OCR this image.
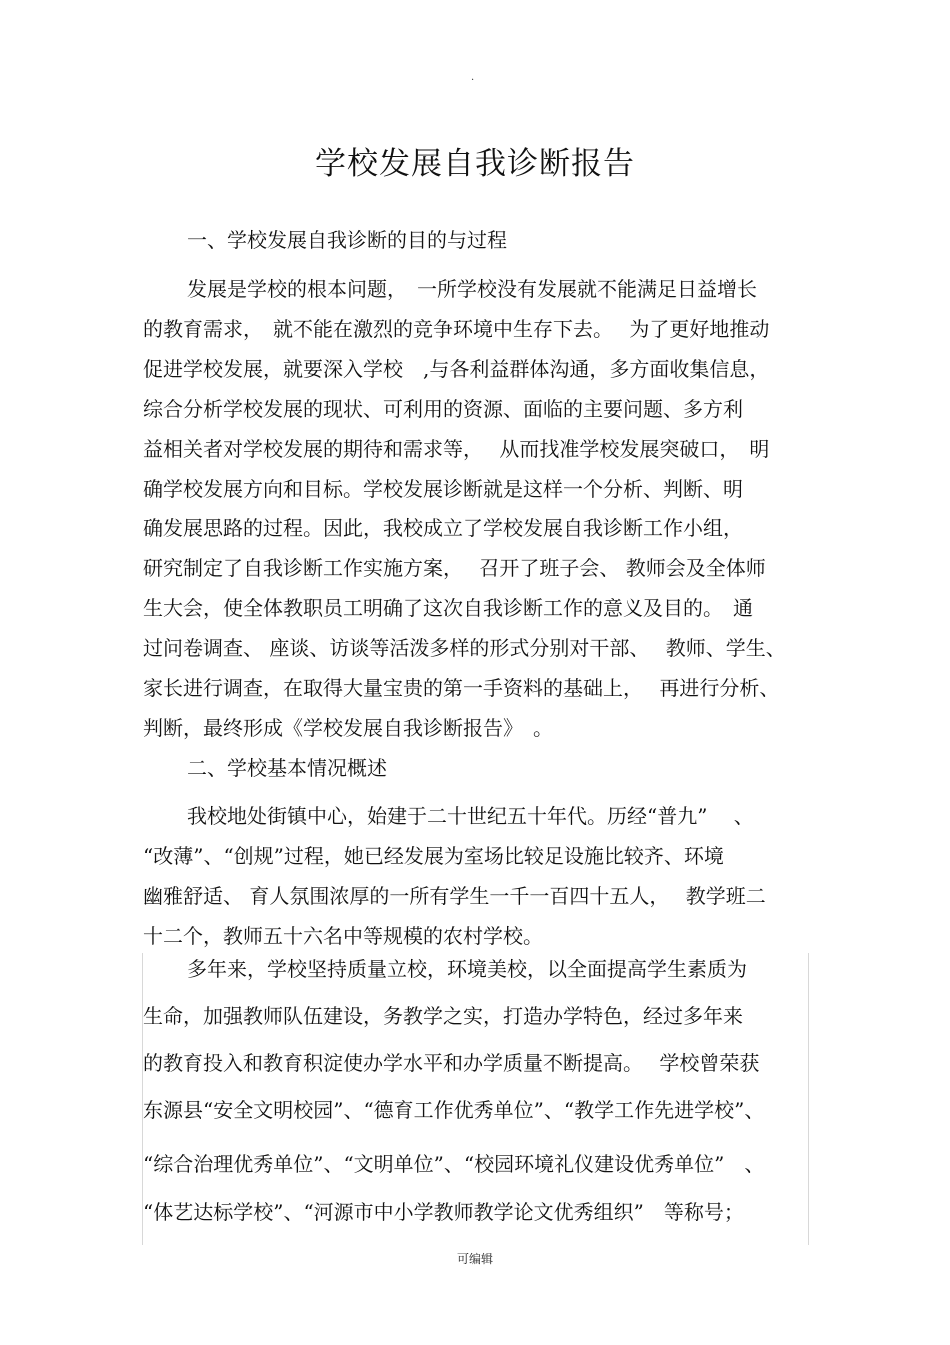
.
学校发展自我诊断报告
一、学校发展自我诊断的目的与过程
发展是学校的根本问题，　一所学校没有发展就不能满足日益增长
的教育需求，　就不能在激烈的竞争环境中生存下去。　 为了更好地推动
促进学校发展，就要深入学校　,与各利益群体沟通，多方面收集信息，
综合分析学校发展的现状、可利用的资源、面临的主要问题、多方利
益相关者对学校发展的期待和需求等，　 从而找准学校发展突破口，　明
确学校发展方向和目标。学校发展诊断就是这样一个分析、判断、明
确发展思路的过程。因此，我校成立了学校发展自我诊断工作小组，
研究制定了自我诊断工作实施方案，　 召开了班子会、 教师会及全体师
生大会，使全体教职员工明确了这次自我诊断工作的意义及目的。　通
过问卷调查、 座谈、访谈等活泼多样的形式分别对干部、　 教师、学生、
家长进行调查，在取得大量宝贵的第一手资料的基础上，　 再进行分析、
判断，最终形成《学校发展自我诊断报告》　。
二、学校基本情况概述
我校地处街镇中心，始建于二十世纪五十年代。历经“普九”　 、
“改薄”、“创规”过程，她已经发展为室场比较足设施比较齐、环境
幽雅舒适、 育人氛围浓厚的一所有学生一千一百四十五人，　 教学班二
十二个，教师五十六名中等规模的农村学校。
多年来，学校坚持质量立校，环境美校，以全面提高学生素质为
生命，加强教师队伍建设，务教学之实，打造办学特色，经过多年来
的教育投入和教育积淀使办学水平和办学质量不断提高。　 学校曾荣获
东源县“安全文明校园”、“德育工作优秀单位”、“教学工作先进学校”、
“综合治理优秀单位”、“文明单位”、“校园环境礼仪建设优秀单位”　、
“体艺达标学校”、“河源市中小学教师教学论文优秀组织”　等称号；
可编辑
